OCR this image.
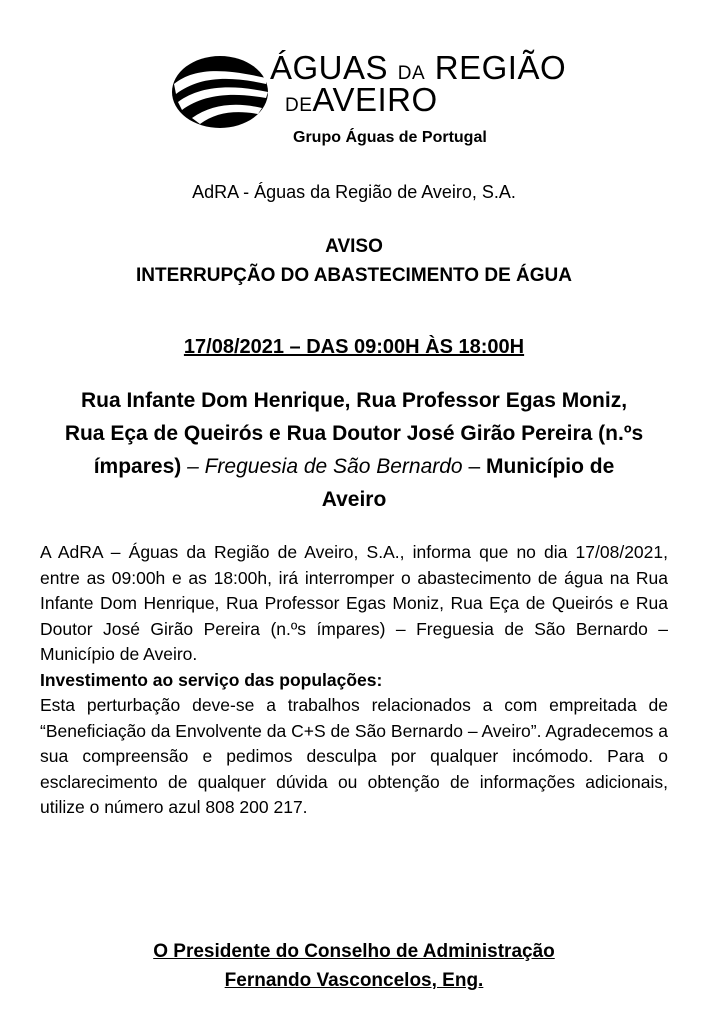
ÁGUAS DA REGIÃO
DEAVEIRO
Grupo Águas de Portugal
AdRA - Águas da Região de Aveiro, S.A.
AVISO
INTERRUPÇÃO DO ABASTECIMENTO DE ÁGUA
17/08/2021 – DAS 09:00H ÀS 18:00H
Rua Infante Dom Henrique, Rua Professor Egas Moniz, Rua Eça de Queirós e Rua Doutor José Girão Pereira (n.ºs ímpares) – Freguesia de São Bernardo – Município de Aveiro

A AdRA – Águas da Região de Aveiro, S.A., informa que no dia 17/08/2021, entre as 09:00h e as 18:00h, irá interromper o abastecimento de água na Rua Infante Dom Henrique, Rua Professor Egas Moniz, Rua Eça de Queirós e Rua Doutor José Girão Pereira (n.ºs ímpares) – Freguesia de São Bernardo – Município de Aveiro.

Investimento ao serviço das populações:

Esta perturbação deve-se a trabalhos relacionados a com empreitada de “Beneficiação da Envolvente da C+S de São Bernardo – Aveiro”. Agradecemos a sua compreensão e pedimos desculpa por qualquer incómodo. Para o esclarecimento de qualquer dúvida ou obtenção de informações adicionais, utilize o número azul 808 200 217.

O Presidente do Conselho de Administração
Fernando Vasconcelos, Eng.
